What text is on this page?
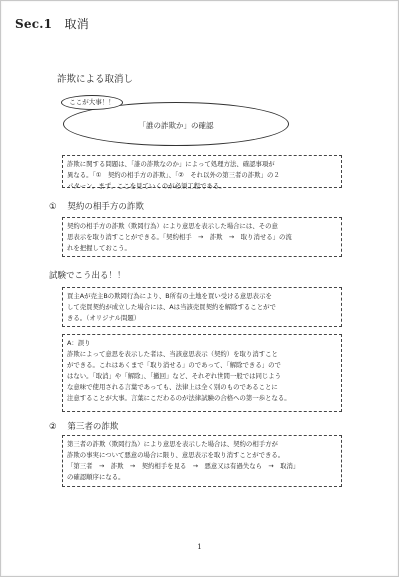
Sec.1 取消
詐欺による取消し
「誰の詐欺か」の確認
ここが大事！！

詐欺に関する問題は、「誰の詐欺なのか」によって処理方法、確認事項が

異なる。「①　契約の相手方の詐欺」、「②　それ以外の第三者の詐欺」の２

パターン。まず、ここを見ていくのが必須工程である。

① 契約の相手方の詐欺

契約の相手方の詐欺（欺罔行為）により意思を表示した場合には、その意

思表示を取り消すことができる。「契約相手　→　詐欺　→　取り消せる」の流

れを把握しておこう。

試験でこう出る！！

買主Aが売主Bの欺罔行為により、B所有の土地を買い受ける意思表示を

して売買契約が成立した場合には、Aは当該売買契約を解除することがで

きる。（オリジナル問題）

A：誤り

詐欺によって意思を表示した者は、当該意思表示（契約）を取り消すこと

ができる。これはあくまで「取り消せる」のであって、「解除できる」ので

はない。「取消」や「解除」、「撤回」など、それぞれ世間一般では同じよう

な意味で使用される言葉であっても、法律上は全く別のものであることに

注意することが大事。言葉にこだわるのが法律試験の合格への第一歩となる。

② 第三者の詐欺

第三者の詐欺（欺罔行為）により意思を表示した場合は、契約の相手方が

詐欺の事実について悪意の場合に限り、意思表示を取り消すことができる。

「第三者　→　詐欺　→　契約相手を見る　→　悪意又は有過失なら　→　取消」

の確認順序になる。

1
